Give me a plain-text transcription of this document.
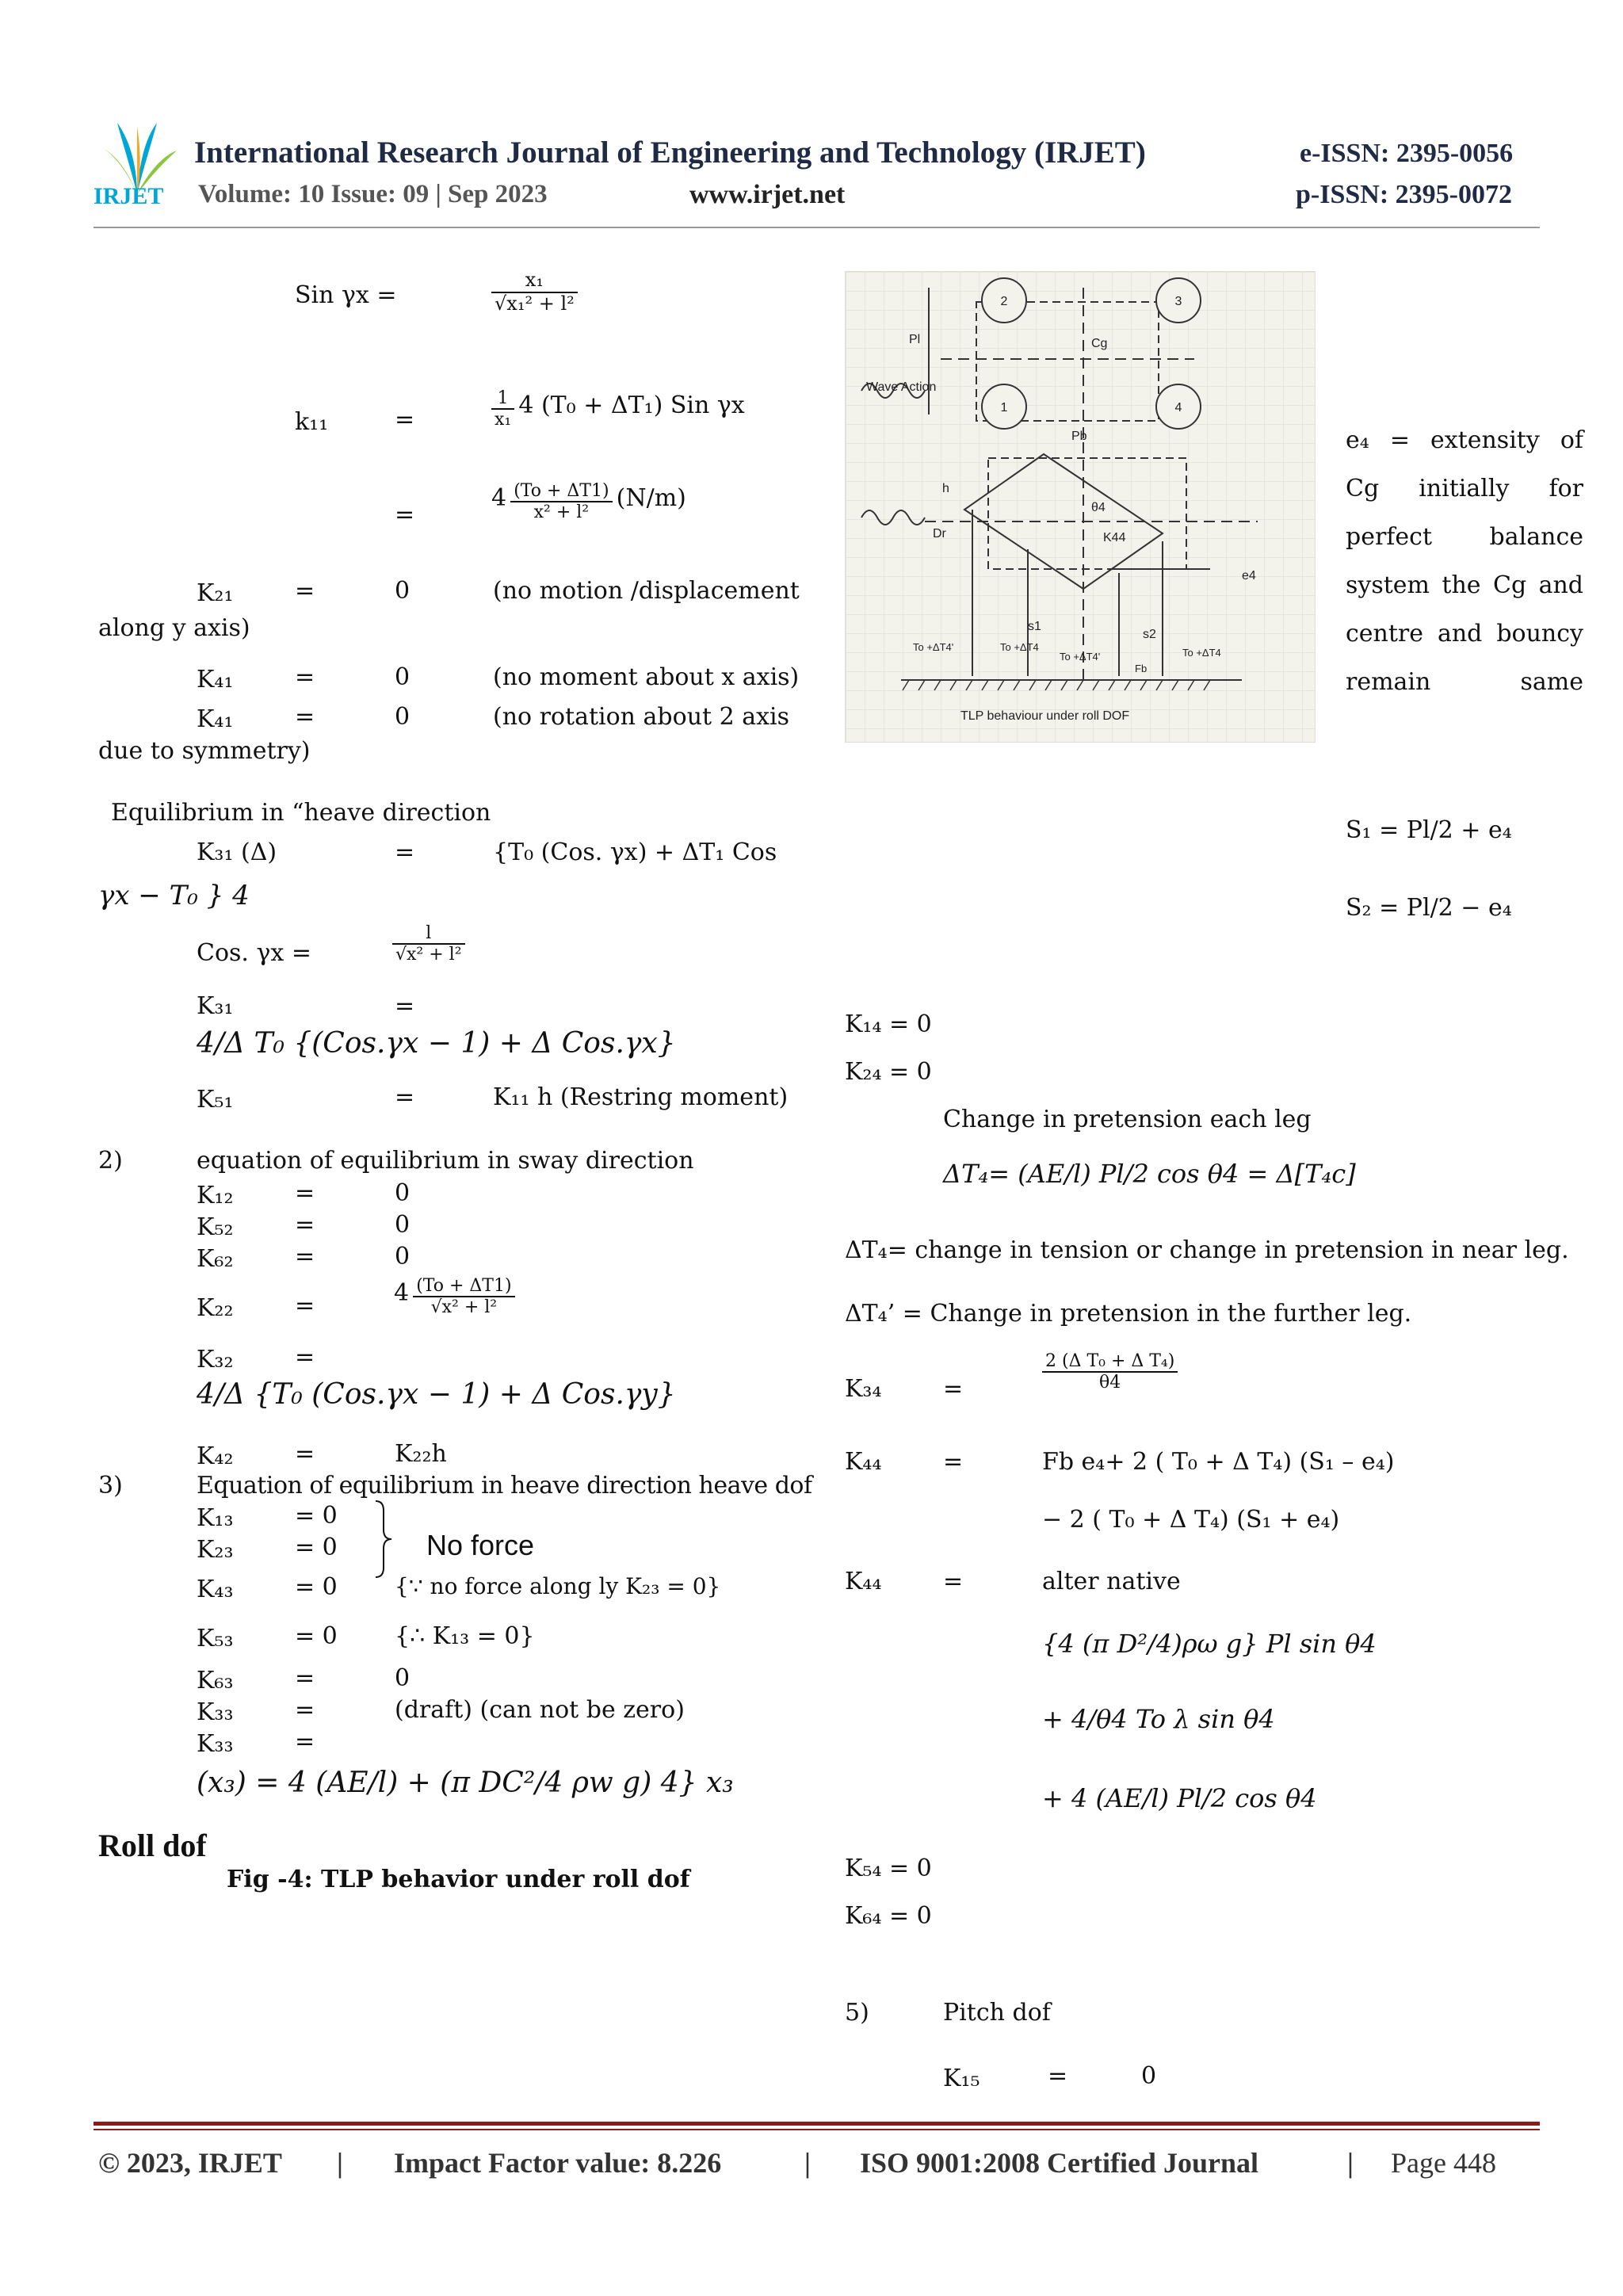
IRJET
International Research Journal of Engineering and Technology (IRJET)
Volume: 10 Issue: 09 | Sep 2023	www.irjet.net
e-ISSN: 2395-0056
p-ISSN: 2395-0072
Sin γx =	$\frac{\text{x₁}}{\text{√x₁² + l²}}$
k₁₁	=	$\frac{1}{\text{x₁}} 4$ (T₀ + ΔT₁) Sin γx
=
$4 \frac{(To + \Delta T1)}{\text{x² + l²}} (N/m)$
K₂₁	=	0	(no motion /displacement
along y axis)
K₄₁	=	0	(no moment about x axis)
K₄₁	=	0	(no rotation about 2 axis
due to symmetry)
Equilibrium in “heave direction
K₃₁ (Δ)	=	{T₀ (Cos. γx) + ΔT₁ Cos
γx − T₀ } 4
Cos. γx =	$\frac{l}{\text{√x² + l²}}$
K₃₁	=
4/Δ T₀ {(Cos.γx − 1) + Δ Cos.γx}
K₅₁	=	K₁₁ h (Restring moment)
2)	equation of equilibrium in sway direction
K₁₂	=	0
K₅₂	=	0
K₆₂	=	0
K₂₂	=	$4 \frac{(To + \Delta T1)}{\text{√x² + l²}}$
K₃₂	=
4/Δ {T₀ (Cos.γx − 1) + Δ Cos.γy}
K₄₂	=	K₂₂h
3)	Equation of equilibrium in heave direction heave dof
K₁₃	= 0
K₂₃	= 0
K₄₃	= 0
No force
{∵ no force along ly K₂₃ = 0}
K₅₃	= 0 {∴ K₁₃ = 0}
K₆₃	=	0
K₃₃	=	(draft) (can not be zero)
K₃₃	=
(x₃) = 4 (AE/l) + (π DC²/4 ρw g) 4} x₃
Roll dof
Fig -4: TLP behavior under roll dof
2	3
1	4
Pl
Wave Action
Cg
Pb
h
Dr
θ4
K44
e4
s1
s2
To +ΔT4'	To +ΔT4
To +ΔT4'
Fb
To +ΔT4
TLP behaviour under roll DOF
e₄ = extensity of Cg initially for perfect balance system the Cg and centre and bouncy remain same
S₁ = Pl/2 + e₄
S₂ = Pl/2 − e₄
K₁₄ = 0
K₂₄ = 0
Change in pretension each leg
ΔT₄= (AE/l) Pl/2 cos θ4 = Δ[T₄c]
ΔT₄= change in tension or change in pretension in near leg.
ΔT₄’ = Change in pretension in the further leg.
K₃₄	=	$\frac{\text{2 (Δ T₀ + Δ T₄)}}{\theta 4}$
K₄₄	=	Fb e₄+ 2 ( T₀ + Δ T₄) (S₁ – e₄)
− 2 ( T₀ + Δ T₄) (S₁ + e₄)
K₄₄	=	alter native
{4 (π D²/4)ρω g} Pl sin θ4
+ 4/θ4 To λ sin θ4
+ 4 (AE/l) Pl/2 cos θ4
K₅₄ = 0
K₆₄ = 0
5)	Pitch dof
K₁₅	=	0
© 2023, IRJET | Impact Factor value: 8.226	| ISO 9001:2008 Certified Journal	| Page 448
